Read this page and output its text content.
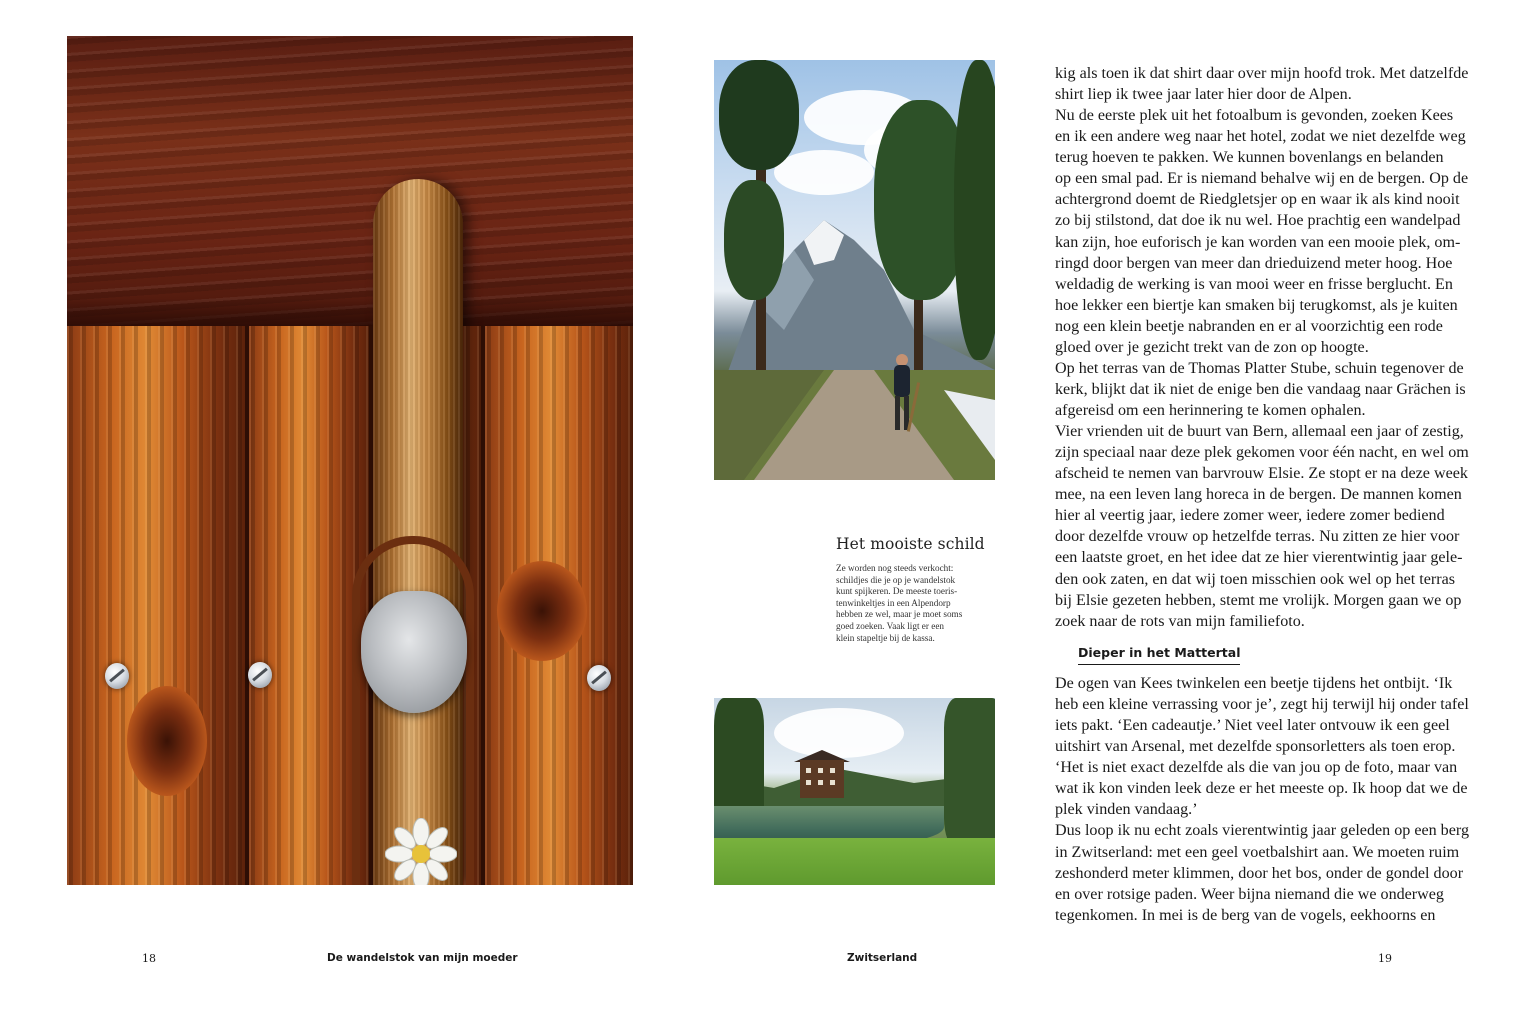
Het mooiste schild
Ze worden nog steeds verkocht:
schildjes die je op je wandelstok
kunt spijkeren. De meeste toeris-
tenwinkeltjes in een Alpendorp
hebben ze wel, maar je moet soms
goed zoeken. Vaak ligt er een
klein stapeltje bij de kassa.
kig als toen ik dat shirt daar over mijn hoofd trok. Met datzelfde
shirt liep ik twee jaar later hier door de Alpen.
Nu de eerste plek uit het fotoalbum is gevonden, zoeken Kees
en ik een andere weg naar het hotel, zodat we niet dezelfde weg
terug hoeven te pakken. We kunnen bovenlangs en belanden
op een smal pad. Er is niemand behalve wij en de bergen. Op de
achtergrond doemt de Riedgletsjer op en waar ik als kind nooit
zo bij stilstond, dat doe ik nu wel. Hoe prachtig een wandelpad
kan zijn, hoe euforisch je kan worden van een mooie plek, om-
ringd door bergen van meer dan drieduizend meter hoog. Hoe
weldadig de werking is van mooi weer en frisse berglucht. En
hoe lekker een biertje kan smaken bij terugkomst, als je kuiten
nog een klein beetje nabranden en er al voorzichtig een rode
gloed over je gezicht trekt van de zon op hoogte.
Op het terras van de Thomas Platter Stube, schuin tegenover de
kerk, blijkt dat ik niet de enige ben die vandaag naar Grächen is
afgereisd om een herinnering te komen ophalen.
Vier vrienden uit de buurt van Bern, allemaal een jaar of zestig,
zijn speciaal naar deze plek gekomen voor één nacht, en wel om
afscheid te nemen van barvrouw Elsie. Ze stopt er na deze week
mee, na een leven lang horeca in de bergen. De mannen komen
hier al veertig jaar, iedere zomer weer, iedere zomer bediend
door dezelfde vrouw op hetzelfde terras. Nu zitten ze hier voor
een laatste groet, en het idee dat ze hier vierentwintig jaar gele-
den ook zaten, en dat wij toen misschien ook wel op het terras
bij Elsie gezeten hebben, stemt me vrolijk. Morgen gaan we op
zoek naar de rots van mijn familiefoto.
Dieper in het Mattertal
De ogen van Kees twinkelen een beetje tijdens het ontbijt. ‘Ik
heb een kleine verrassing voor je’, zegt hij terwijl hij onder tafel
iets pakt. ‘Een cadeautje.’ Niet veel later ontvouw ik een geel
uitshirt van Arsenal, met dezelfde sponsorletters als toen erop.
‘Het is niet exact dezelfde als die van jou op de foto, maar van
wat ik kon vinden leek deze er het meeste op. Ik hoop dat we de
plek vinden vandaag.’
Dus loop ik nu echt zoals vierentwintig jaar geleden op een berg
in Zwitserland: met een geel voetbalshirt aan. We moeten ruim
zeshonderd meter klimmen, door het bos, onder de gondel door
en over rotsige paden. Weer bijna niemand die we onderweg
tegenkomen. In mei is de berg van de vogels, eekhoorns en
18	De wandelstok van mijn moeder	Zwitserland	19
